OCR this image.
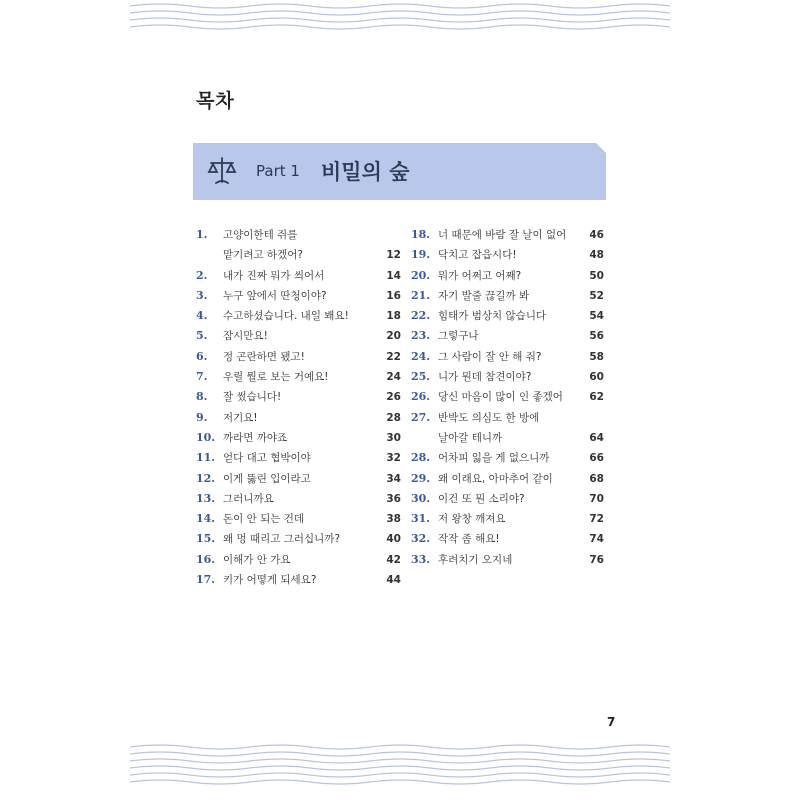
목차
Part 1 비밀의 숲
1. 고양이한테 쥐를
맡기려고 하겠어?	12
2. 내가 진짜 뭐가 씌어서	14
3. 누구 앞에서 딴청이야?	16
4. 수고하셨습니다. 내일 봬요!	18
5. 잠시만요!	20
6. 정 곤란하면 됐고!	22
7. 우릴 뭘로 보는 거예요!	24
8. 잘 썼습니다!	26
9. 저기요!	28
10. 까라면 까야죠	30
11. 얻다 대고 협박이야	32
12. 이게 뚫린 입이라고	34
13. 그러니까요	36
14. 돈이 안 되는 건데	38
15. 왜 멍 때리고 그러십니까?	40
16. 이해가 안 가요	42
17. 키가 어떻게 되세요?	44
18. 너 때문에 바람 잘 날이 없어 46
19. 닥치고 잡읍시다!	48
20. 뭐가 어쩌고 어째?	50
21. 자기 발줄 끊길까 봐	52
22. 힘태가 범상치 않습니다	54
23. 그렇구나	56
24. 그 사람이 잘 안 해 줘?	58
25. 니가 뭔데 참견이야?	60
26. 당신 마음이 많이 인 좋겠어	62
27. 반박도 의심도 한 방에
날아갈 테니까	64
28. 어차피 잃을 게 없으니까	66
29. 왜 이래요, 아마추어 같이	68
30. 이건 또 뭔 소리야?	70
31. 저 왕창 깨져요	72
32. 작작 좀 해요!	74
33. 후려치기 오지네	76
7
